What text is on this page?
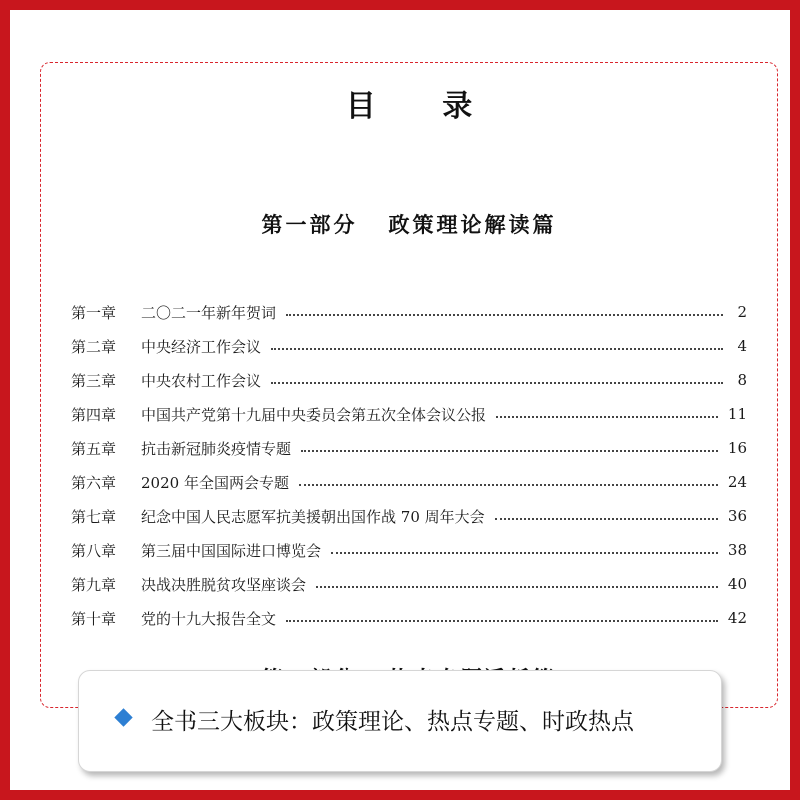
目 录
第一部分   政策理论解读篇
第一章	二〇二一年新年贺词	2
第二章	中央经济工作会议	4
第三章	中央农村工作会议	8
第四章	中国共产党第十九届中央委员会第五次全体会议公报	11
第五章	抗击新冠肺炎疫情专题	16
第六章	2020 年全国两会专题	24
第七章	纪念中国人民志愿军抗美援朝出国作战 70 周年大会	36
第八章	第三届中国国际进口博览会	38
第九章	决战决胜脱贫攻坚座谈会	40
第十章	党的十九大报告全文	42
全书三大板块：政策理论、热点专题、时政热点
